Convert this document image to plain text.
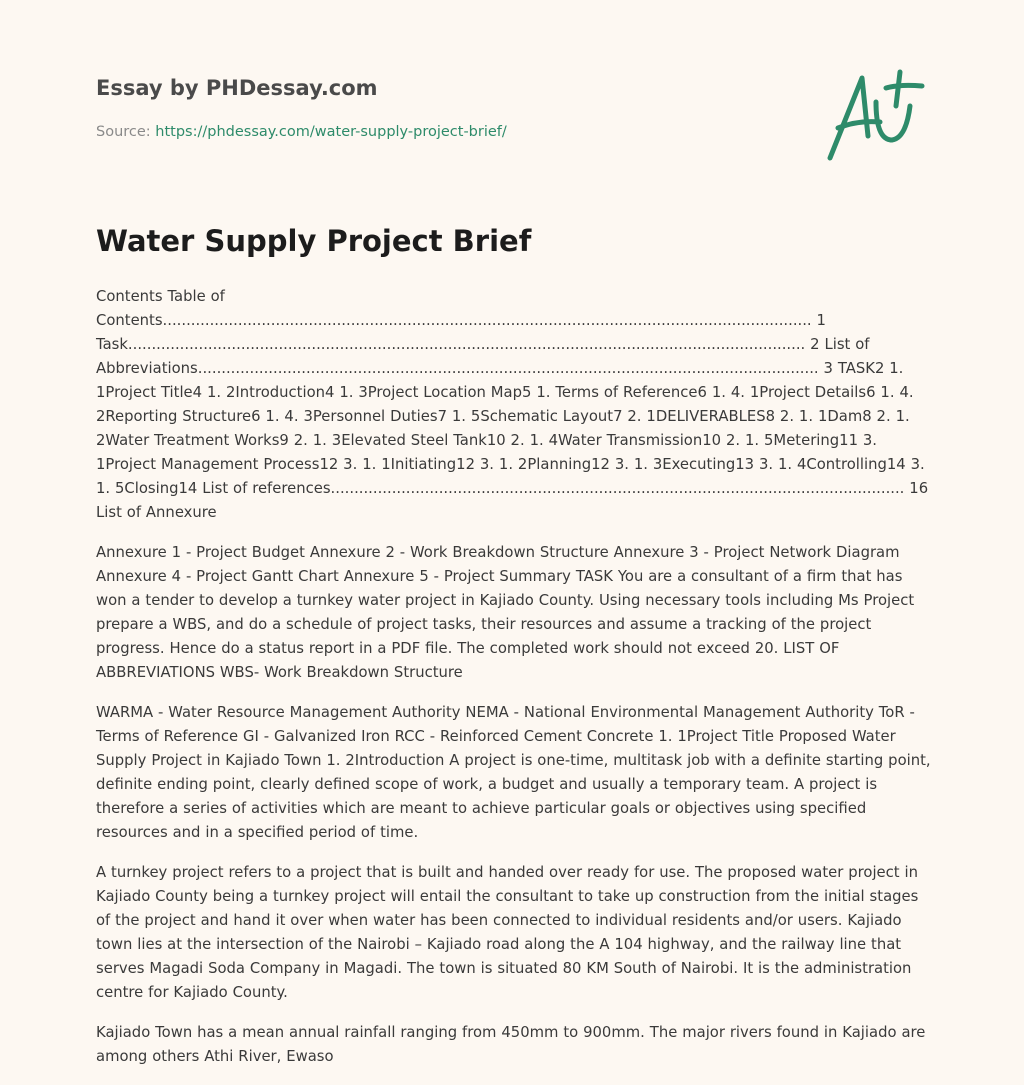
Essay by PHDessay.com
Source: https://phdessay.com/water-supply-project-brief/
Water Supply Project Brief

Contents Table of Contents.......................................................................................................................................... 1 Task................................................................................................................................................ 2 List of Abbreviations.................................................................................................................................... 3 TASK2 1. 1Project Title4 1. 2Introduction4 1. 3Project Location Map5 1. Terms of Reference6 1. 4. 1Project Details6 1. 4. 2Reporting Structure6 1. 4. 3Personnel Duties7 1. 5Schematic Layout7 2. 1DELIVERABLES8 2. 1. 1Dam8 2. 1. 2Water Treatment Works9 2. 1. 3Elevated Steel Tank10 2. 1. 4Water Transmission10 2. 1. 5Metering11 3. 1Project Management Process12 3. 1. 1Initiating12 3. 1. 2Planning12 3. 1. 3Executing13 3. 1. 4Controlling14 3. 1. 5Closing14 List of references.......................................................................................................................... 16 List of Annexure

Annexure 1 - Project Budget Annexure 2 - Work Breakdown Structure Annexure 3 - Project Network Diagram Annexure 4 - Project Gantt Chart Annexure 5 - Project Summary TASK You are a consultant of a firm that has won a tender to develop a turnkey water project in Kajiado County. Using necessary tools including Ms Project prepare a WBS, and do a schedule of project tasks, their resources and assume a tracking of the project progress. Hence do a status report in a PDF file. The completed work should not exceed 20. LIST OF ABBREVIATIONS WBS- Work Breakdown Structure

WARMA - Water Resource Management Authority NEMA - National Environmental Management Authority ToR - Terms of Reference GI - Galvanized Iron RCC - Reinforced Cement Concrete 1. 1Project Title Proposed Water Supply Project in Kajiado Town 1. 2Introduction A project is one-time, multitask job with a definite starting point, definite ending point, clearly defined scope of work, a budget and usually a temporary team. A project is therefore a series of activities which are meant to achieve particular goals or objectives using specified resources and in a specified period of time.

A turnkey project refers to a project that is built and handed over ready for use. The proposed water project in Kajiado County being a turnkey project will entail the consultant to take up construction from the initial stages of the project and hand it over when water has been connected to individual residents and/or users. Kajiado town lies at the intersection of the Nairobi – Kajiado road along the A 104 highway, and the railway line that serves Magadi Soda Company in Magadi. The town is situated 80 KM South of Nairobi. It is the administration centre for Kajiado County.

Kajiado Town has a mean annual rainfall ranging from 450mm to 900mm. The major rivers found in Kajiado are among others Athi River, Ewaso
